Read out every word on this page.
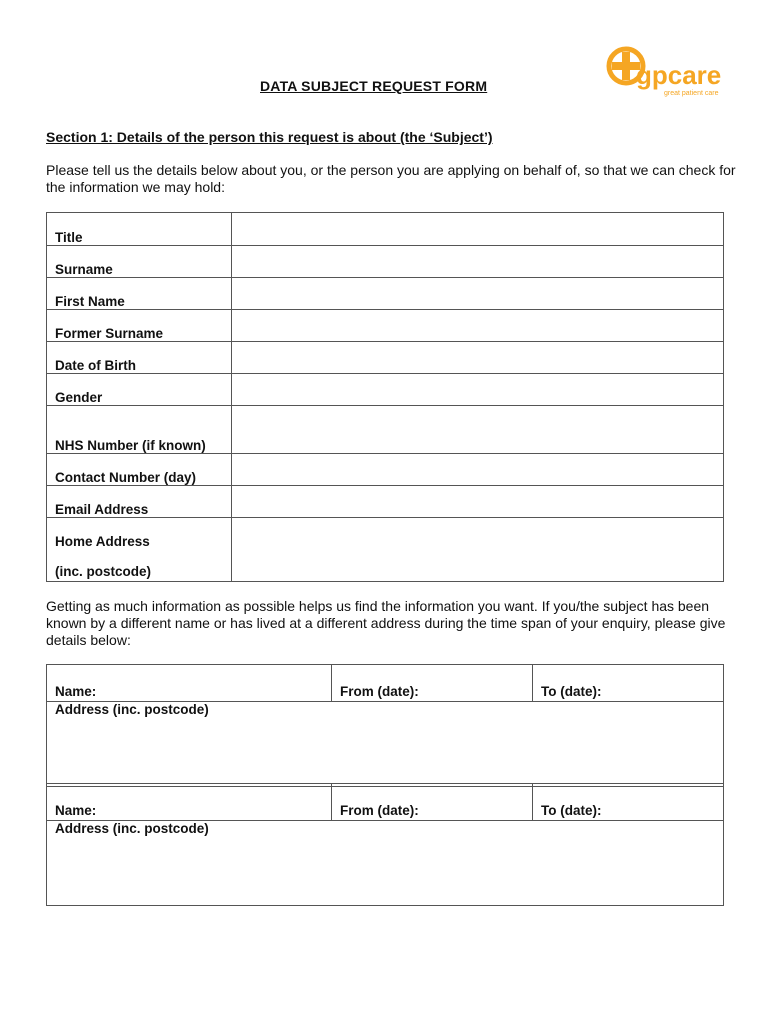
DATA SUBJECT REQUEST FORM	gpcare
great patient care
Section 1: Details of the person this request is about (the ‘Subject’)
Please tell us the details below about you, or the person you are applying on behalf of, so that we can check for the information we may hold:
Title	
Surname	
First Name	
Former Surname	
Date of Birth	
Gender	
NHS Number (if known)	
Contact Number (day)	
Email Address	

Home Address
(inc. postcode)	

Getting as much information as possible helps us find the information you want. If you/the subject has been known by a different name or has lived at a different address during the time span of your enquiry, please give details below:
Name:	From (date):	To (date):

Address (inc. postcode)
Name:	From (date):	To (date):

Address (inc. postcode)
